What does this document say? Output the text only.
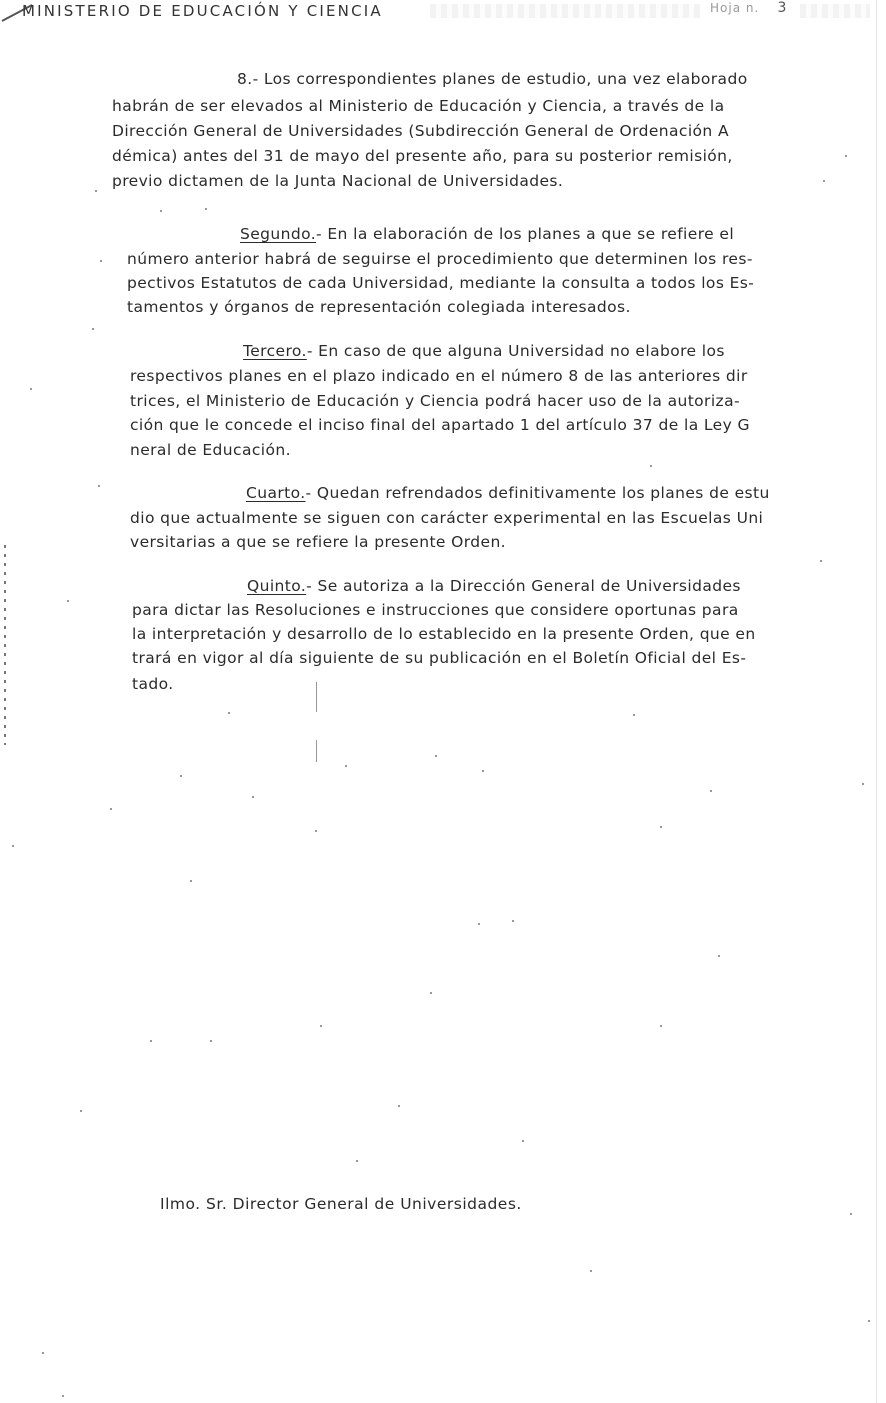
MINISTERIO DE EDUCACIÓN Y CIENCIA	Hoja n. 3
8.- Los correspondientes planes de estudio, una vez elaborado
habrán de ser elevados al Ministerio de Educación y Ciencia, a través de la
Dirección General de Universidades (Subdirección General de Ordenación A
démica) antes del 31 de mayo del presente año, para su posterior remisión,
previo dictamen de la Junta Nacional de Universidades.
Segundo.- En la elaboración de los planes a que se refiere el
número anterior habrá de seguirse el procedimiento que determinen los res-
pectivos Estatutos de cada Universidad, mediante la consulta a todos los Es-
tamentos y órganos de representación colegiada interesados.
Tercero.- En caso de que alguna Universidad no elabore los
respectivos planes en el plazo indicado en el número 8 de las anteriores dir
trices, el Ministerio de Educación y Ciencia podrá hacer uso de la autoriza-
ción que le concede el inciso final del apartado 1 del artículo 37 de la Ley G
neral de Educación.
Cuarto.- Quedan refrendados definitivamente los planes de estu
dio que actualmente se siguen con carácter experimental en las Escuelas Uni
versitarias a que se refiere la presente Orden.
Quinto.- Se autoriza a la Dirección General de Universidades
para dictar las Resoluciones e instrucciones que considere oportunas para
la interpretación y desarrollo de lo establecido en la presente Orden, que en
trará en vigor al día siguiente de su publicación en el Boletín Oficial del Es-
tado.
Ilmo. Sr. Director General de Universidades.
